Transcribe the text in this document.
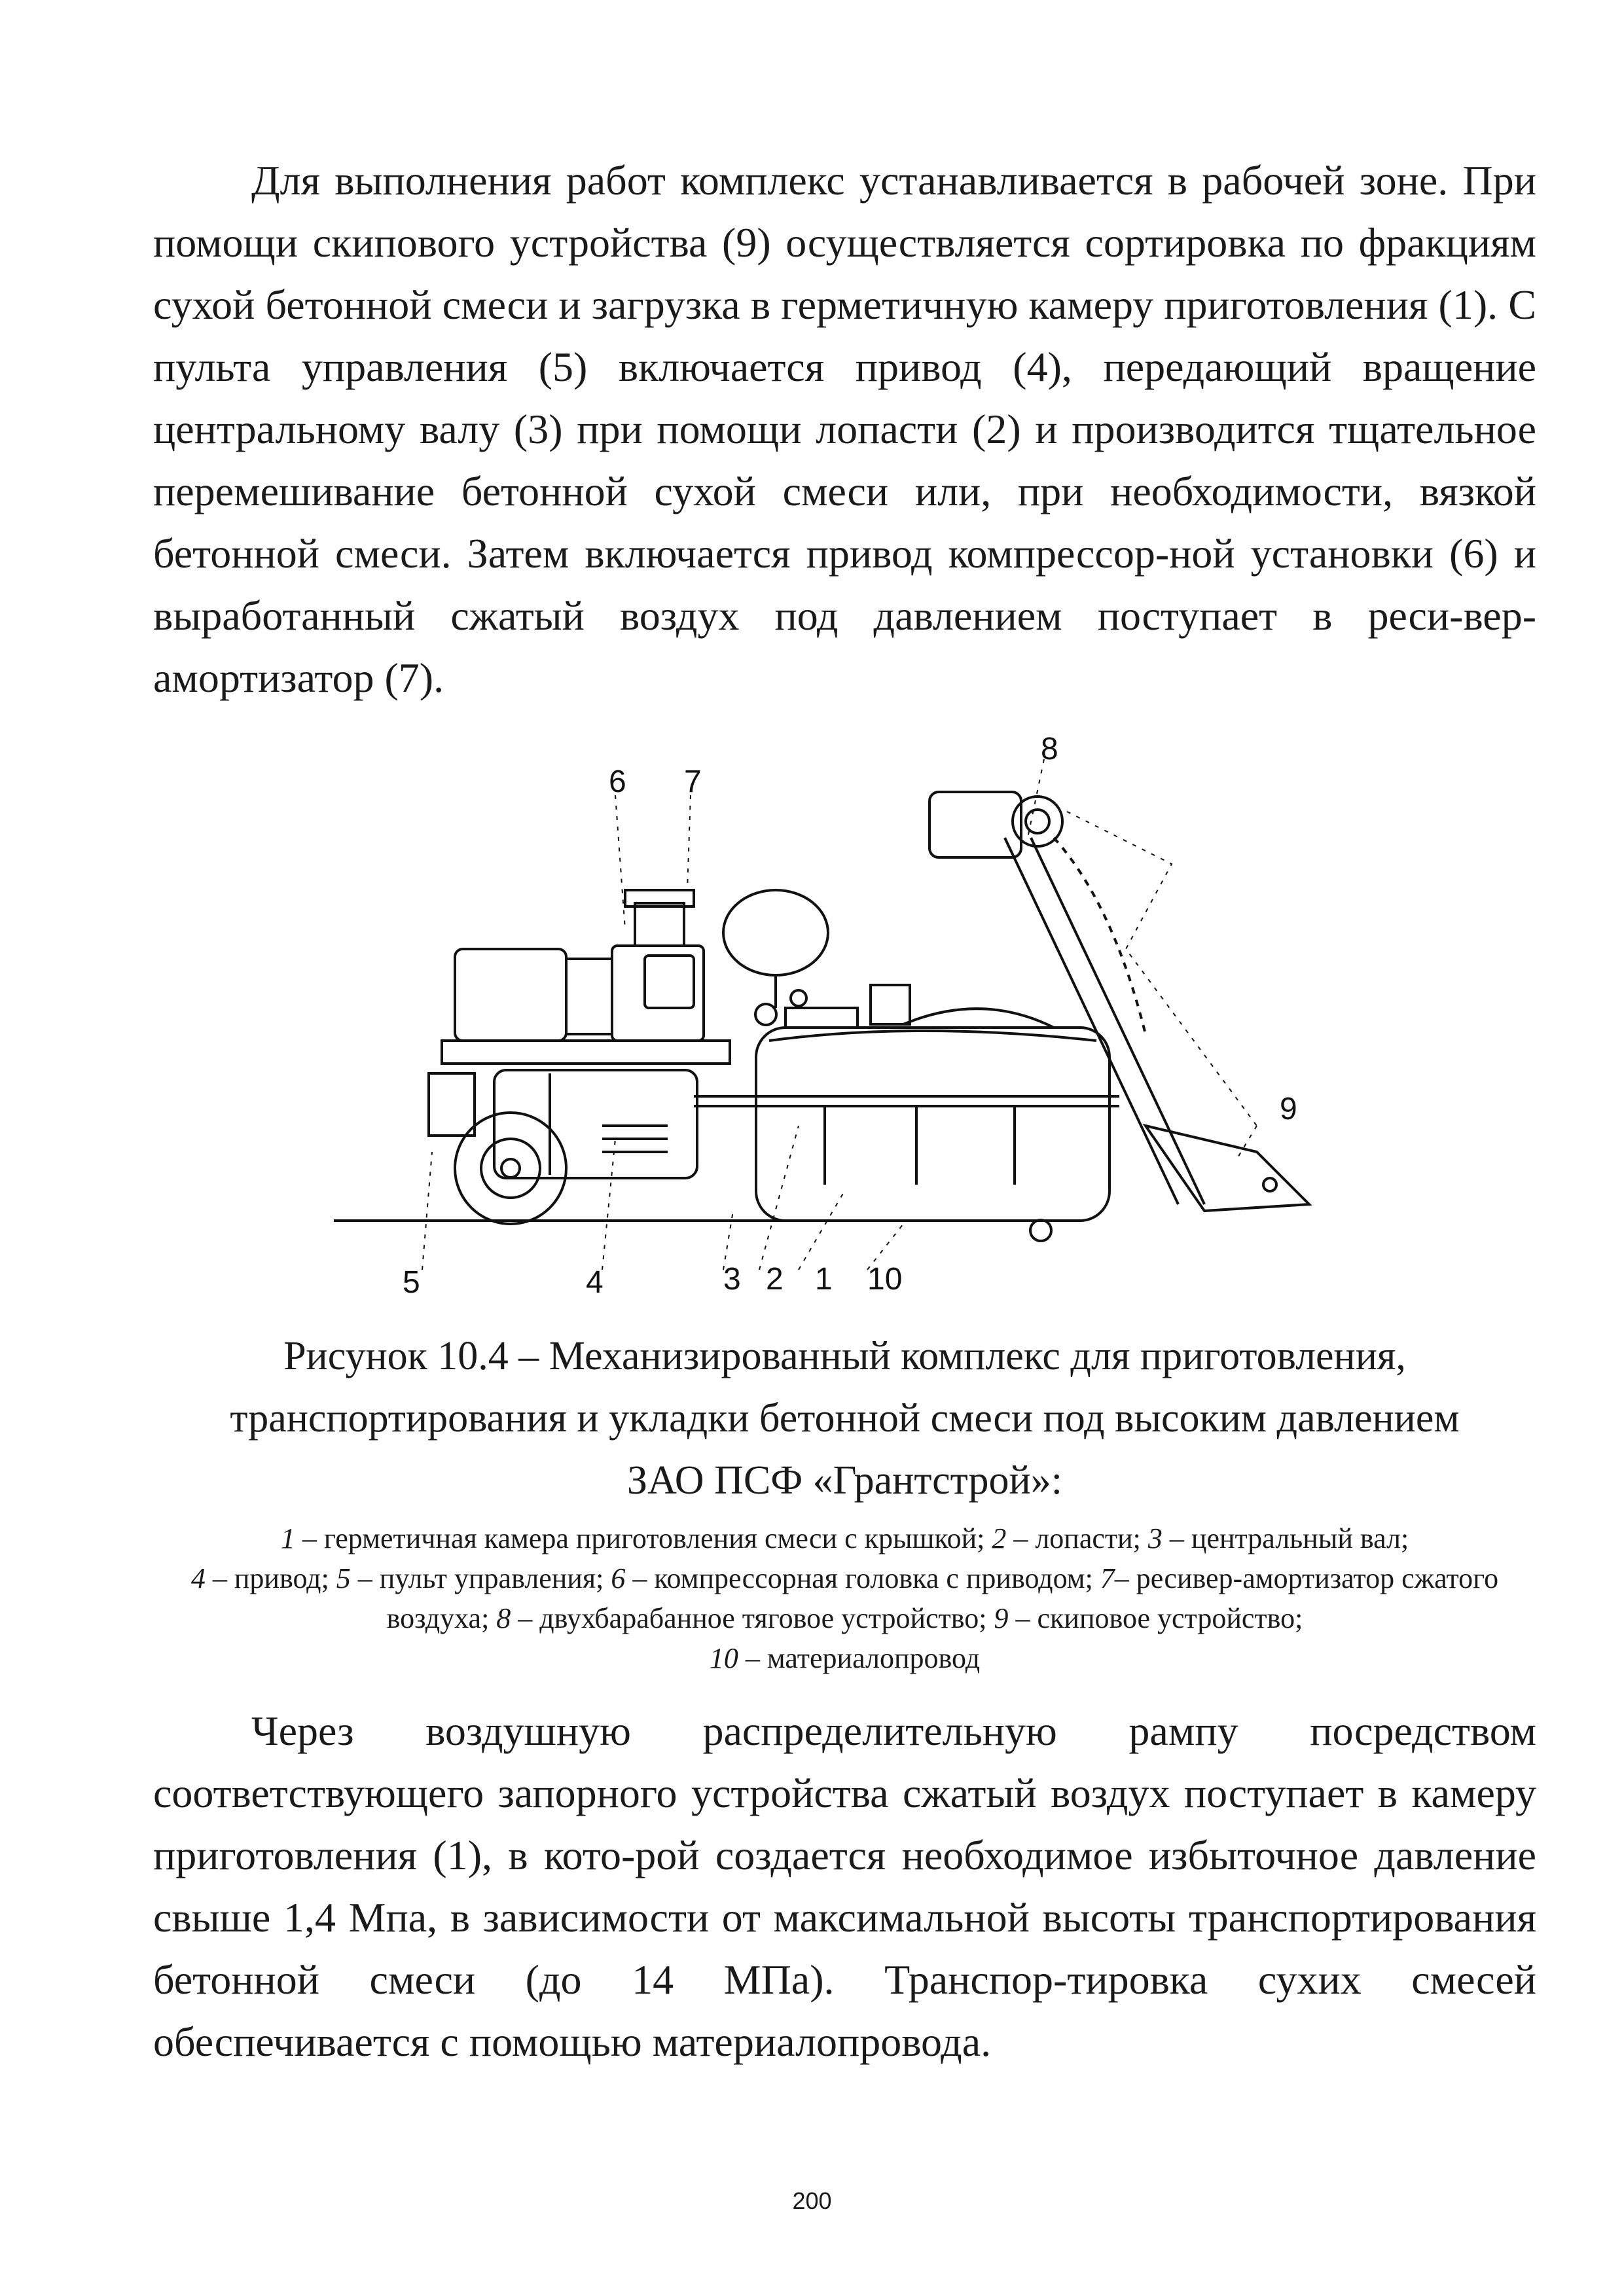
Для выполнения работ комплекс устанавливается в рабочей зоне. При помощи скипового устройства (9) осуществляется сортировка по фракциям сухой бетонной смеси и загрузка в герметичную камеру приготовления (1). С пульта управления (5) включается привод (4), передающий вращение центральному валу (3) при помощи лопасти (2) и производится тщательное перемешивание бетонной сухой смеси или, при необходимости, вязкой бетонной смеси. Затем включается привод компрессор-ной установки (6) и выработанный сжатый воздух под давлением поступает в реси-вер-амортизатор (7).

5	4	3 2 1 10
6 7
8
9
Рисунок 10.4 – Механизированный комплекс для приготовления,
транспортирования и укладки бетонной смеси под высоким давлением
ЗАО ПСФ «Грантстрой»:
1 – герметичная камера приготовления смеси с крышкой; 2 – лопасти; 3 – центральный вал;
4 – привод; 5 – пульт управления; 6 – компрессорная головка с приводом; 7– ресивер-амортизатор сжатого воздуха; 8 – двухбарабанное тяговое устройство; 9 – скиповое устройство;
10 – материалопровод

Через воздушную распределительную рампу посредством соответствующего запорного устройства сжатый воздух поступает в камеру приготовления (1), в кото-рой создается необходимое избыточное давление свыше 1,4 Мпа, в зависимости от максимальной высоты транспортирования бетонной смеси (до 14 МПа). Транспор-тировка сухих смесей обеспечивается с помощью материалопровода.

200
